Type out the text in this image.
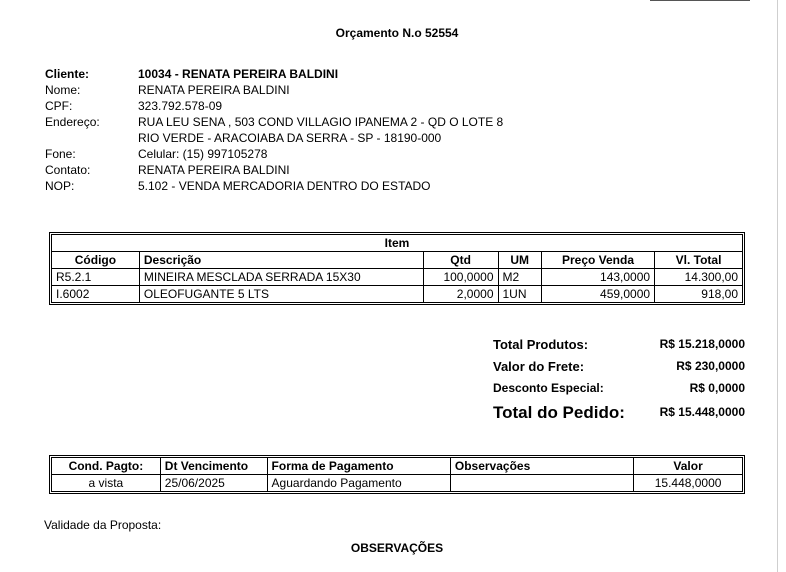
Orçamento N.o 52554
Cliente:	10034 - RENATA PEREIRA BALDINI
Nome:	RENATA PEREIRA BALDINI
CPF:	323.792.578-09
Endereço:	RUA LEU SENA , 503 COND VILLAGIO IPANEMA 2 - QD O LOTE 8
RIO VERDE - ARACOIABA DA SERRA - SP - 18190-000
Fone:	Celular: (15) 997105278
Contato:	RENATA PEREIRA BALDINI
NOP:	5.102 - VENDA MERCADORIA DENTRO DO ESTADO
Item					
Código	Descrição	Qtd	UM	Preço Venda	Vl. Total
R5.2.1	MINEIRA MESCLADA SERRADA 15X30	100,0000	M2	143,0000	14.300,00
I.6002	OLEOFUGANTE 5 LTS	2,0000	1UN	459,0000	918,00
Total Produtos:	R$ 15.218,0000
Valor do Frete:	R$ 230,0000
Desconto Especial:	R$ 0,0000
Total do Pedido:	R$ 15.448,0000
Cond. Pagto:	Dt Vencimento	Forma de Pagamento	Observações	Valor
a vista	25/06/2025	Aguardando Pagamento		15.448,0000
Validade da Proposta:
OBSERVAÇÕES
